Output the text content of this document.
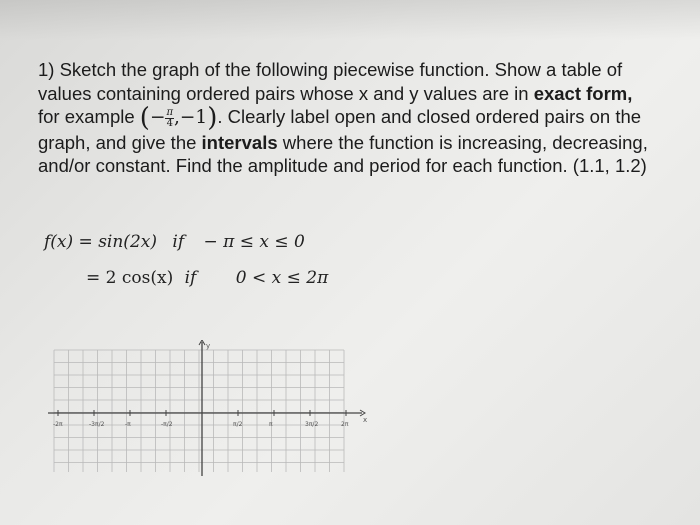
1) Sketch the graph of the following piecewise function. Show a table of

values containing ordered pairs whose x and y values are in exact form,

for example (− $\frac{\pi}{4} ,-1$). Clearly label open and closed ordered pairs on the

graph, and give the intervals where the function is increasing, decreasing,

and/or constant. Find the amplitude and period for each function. (1.1, 1.2)

f(x) = sin(2x) if − π ≤ x ≤ 0
= 2 cos(x) if 0 < x ≤ 2π
y
x
-2π	-3π/2	-π	-π/2	π/2	π	3π/2	2π
